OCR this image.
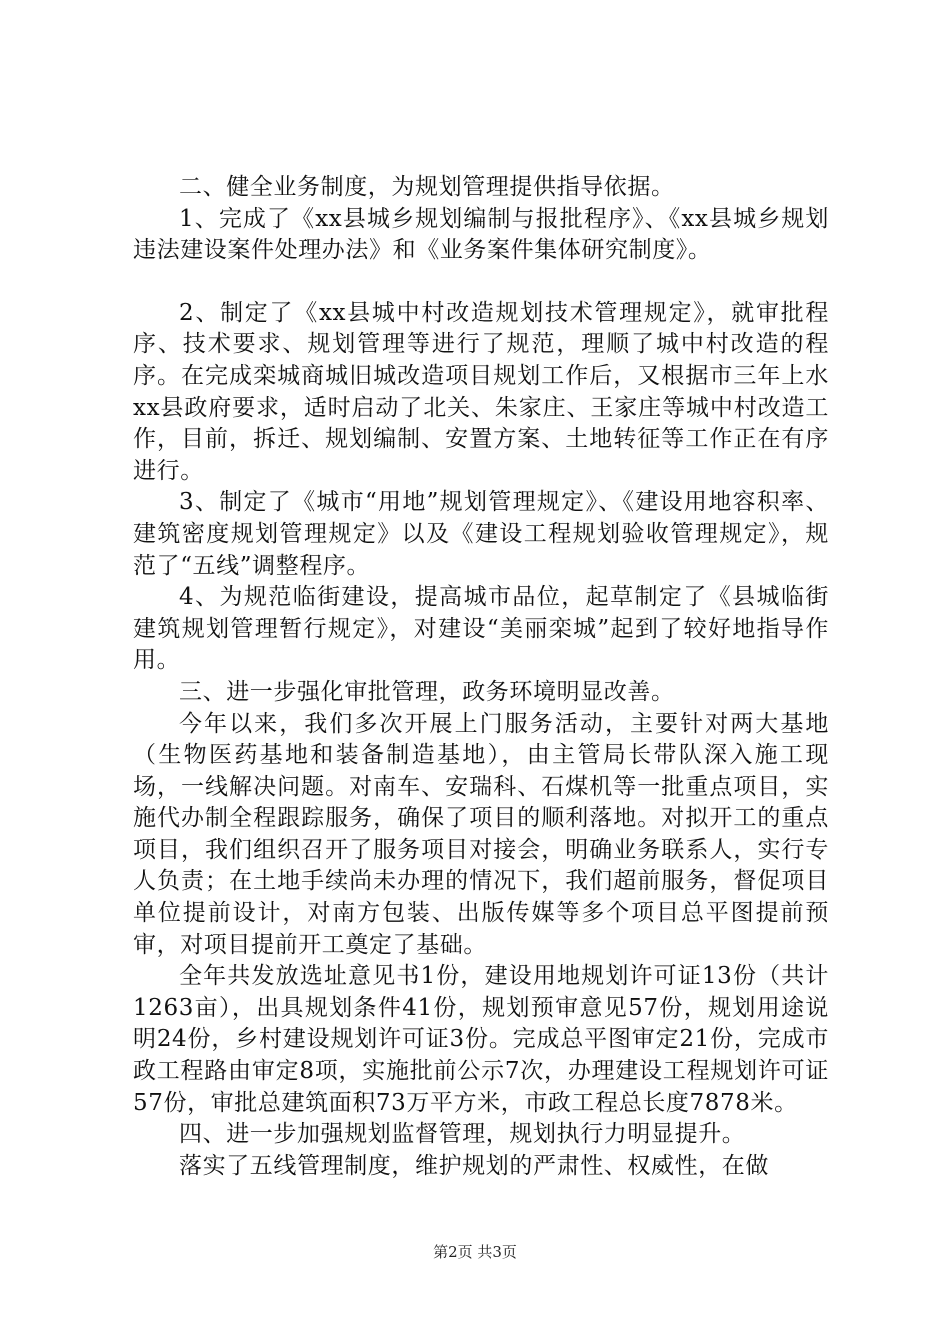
二、健全业务制度，为规划管理提供指导依据。

1、完成了《xx县城乡规划编制与报批程序》、《xx县城乡规划违法建设案件处理办法》和《业务案件集体研究制度》。

2、制定了《xx县城中村改造规划技术管理规定》，就审批程序、技术要求、规划管理等进行了规范，理顺了城中村改造的程序。在完成栾城商城旧城改造项目规划工作后，又根据市三年上水xx县政府要求，适时启动了北关、朱家庄、王家庄等城中村改造工作，目前，拆迁、规划编制、安置方案、土地转征等工作正在有序进行。

3、制定了《城市“用地”规划管理规定》、《建设用地容积率、建筑密度规划管理规定》以及《建设工程规划验收管理规定》，规范了“五线”调整程序。

4、为规范临街建设，提高城市品位，起草制定了《县城临街建筑规划管理暂行规定》，对建设“美丽栾城”起到了较好地指导作用。

三、进一步强化审批管理，政务环境明显改善。

今年以来，我们多次开展上门服务活动，主要针对两大基地（生物医药基地和装备制造基地），由主管局长带队深入施工现场，一线解决问题。对南车、安瑞科、石煤机等一批重点项目，实施代办制全程跟踪服务，确保了项目的顺利落地。对拟开工的重点项目，我们组织召开了服务项目对接会，明确业务联系人，实行专人负责；在土地手续尚未办理的情况下，我们超前服务，督促项目单位提前设计，对南方包装、出版传媒等多个项目总平图提前预审，对项目提前开工奠定了基础。

全年共发放选址意见书1份，建设用地规划许可证13份（共计1263亩），出具规划条件41份，规划预审意见57份，规划用途说明24份，乡村建设规划许可证3份。完成总平图审定21份，完成市政工程路由审定8项，实施批前公示7次，办理建设工程规划许可证57份，审批总建筑面积73万平方米，市政工程总长度7878米。

四、进一步加强规划监督管理，规划执行力明显提升。

落实了五线管理制度，维护规划的严肃性、权威性，在做

第2页 共3页
